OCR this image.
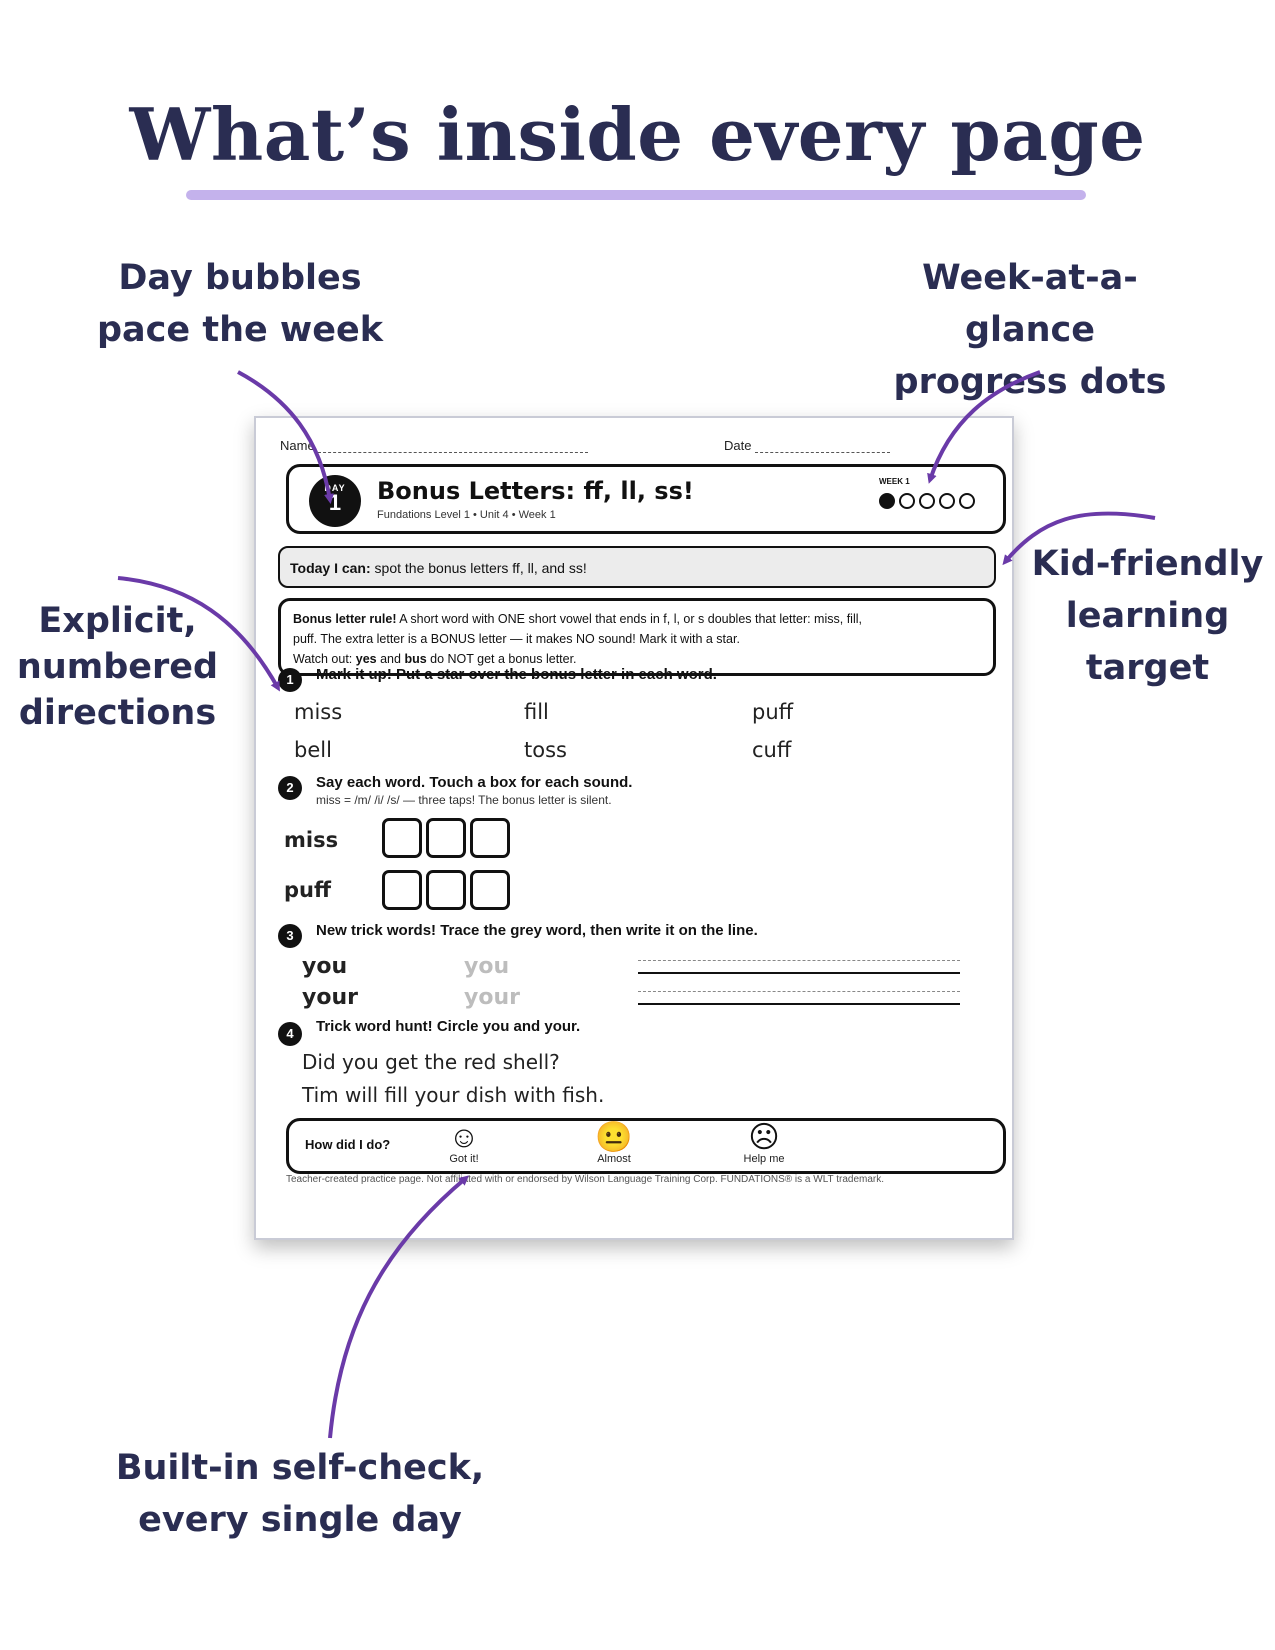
What’s inside every page
Day bubbles
pace the week
Week-at-a-glance
progress dots
Kid-friendly
learning
target
Explicit,
numbered
directions
Built-in self-check,
every single day
Name	Date
DAY
1	Bonus Letters: ff, ll, ss!
Fundations Level 1 • Unit 4 • Week 1
WEEK 1
Today I can: spot the bonus letters ff, ll, and ss!
Bonus letter rule! A short word with ONE short vowel that ends in f, l, or s doubles that letter: miss, fill,
puff. The extra letter is a BONUS letter — it makes NO sound! Mark it with a star.
Watch out: yes and bus do NOT get a bonus letter.
1	Mark it up! Put a star over the bonus letter in each word.
miss	fill	puff
bell	toss	cuff
2	Say each word. Touch a box for each sound.
miss = /m/ /i/ /s/ — three taps! The bonus letter is silent.
miss
puff
3	New trick words! Trace the grey word, then write it on the line.
you	you
your	your
4	Trick word hunt! Circle you and your.
Did you get the red shell?
Tim will fill your dish with fish.
How did I do?	☺
Got it!
😐
Almost
☹
Help me
Teacher-created practice page. Not affiliated with or endorsed by Wilson Language Training Corp. FUNDATIONS® is a WLT trademark.
